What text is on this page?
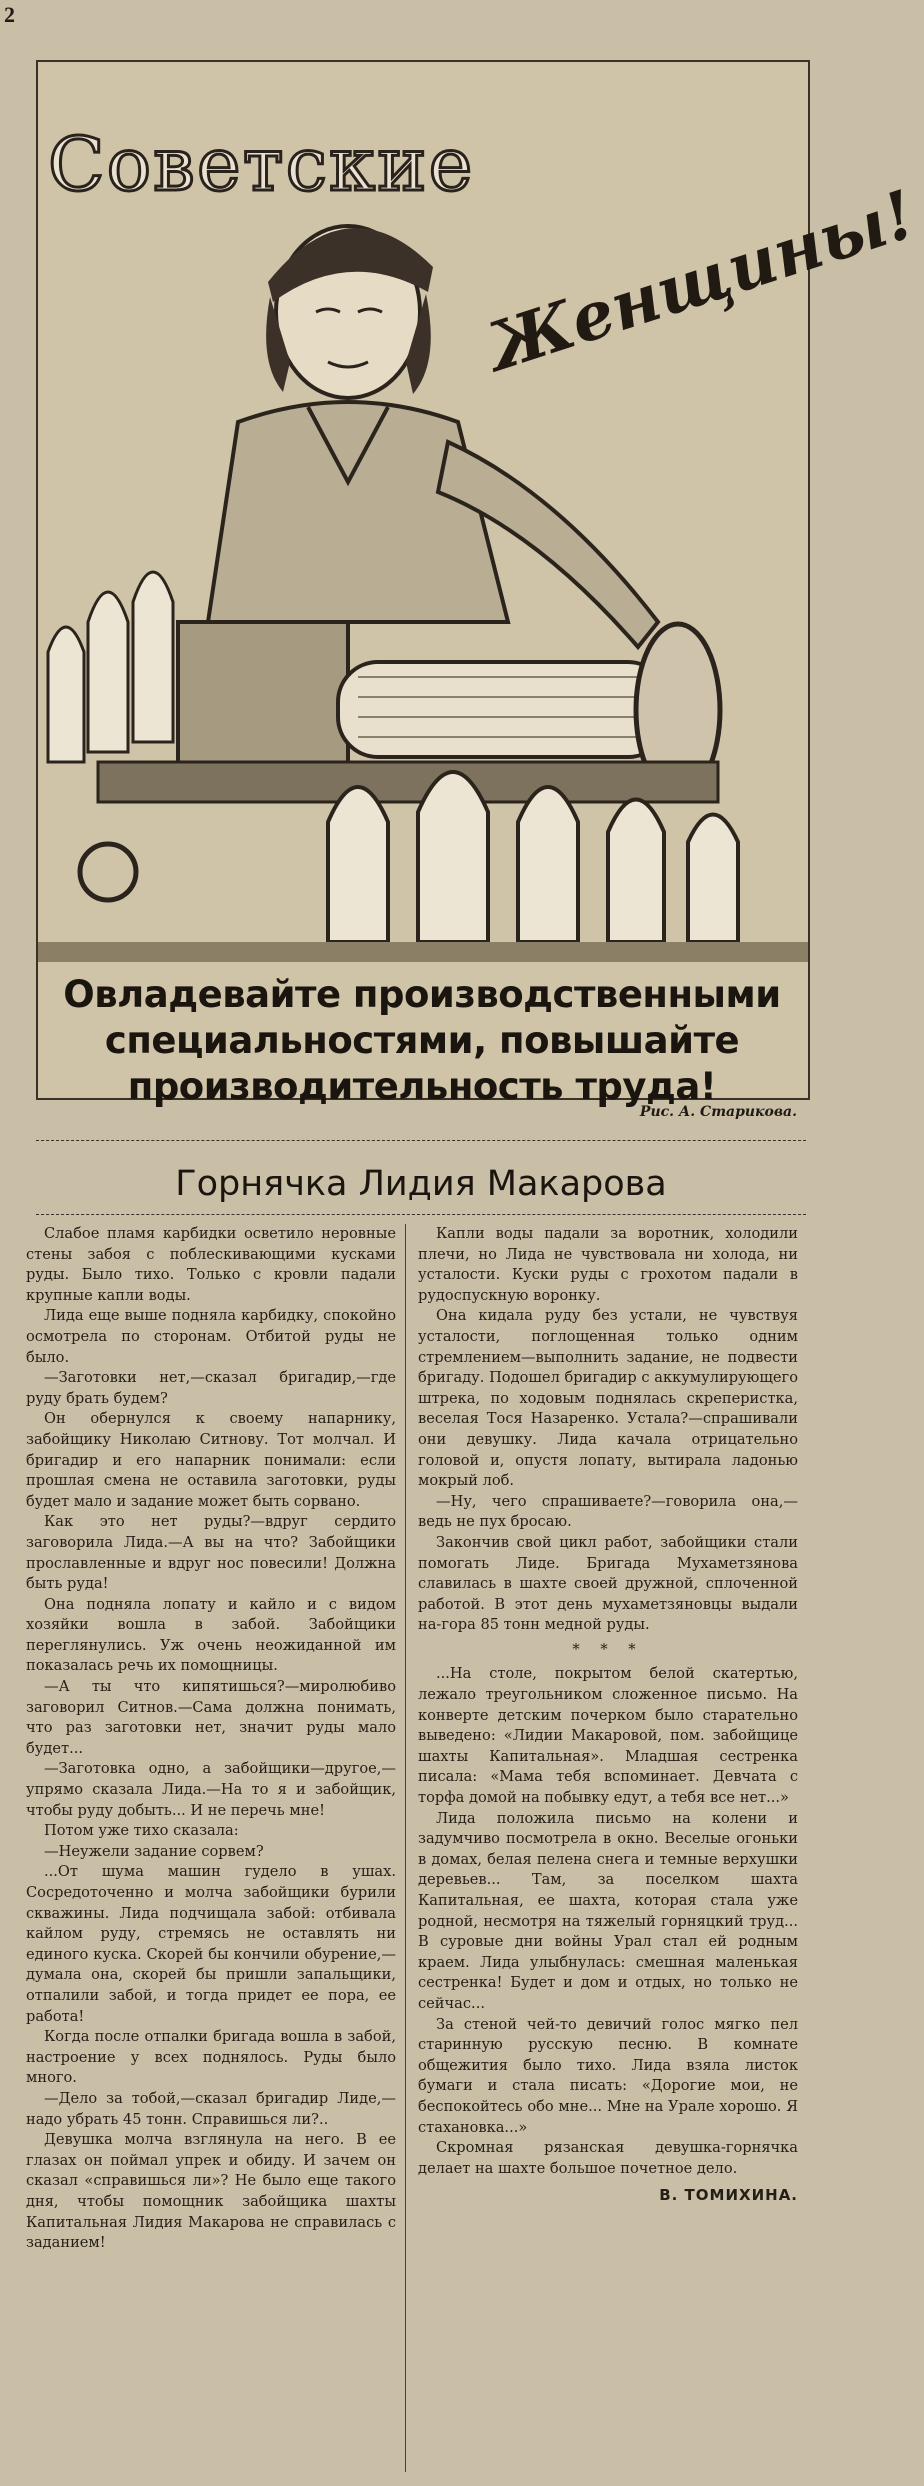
2
Советские
Женщины!
Овладевайте производственными специальностями, повышайте производительность труда!
Рис. А. Старикова.
Горнячка Лидия Макарова

Слабое пламя карбидки осветило неровные стены забоя с поблескивающими кусками руды. Было тихо. Только с кровли падали крупные капли воды.

Лида еще выше подняла карбидку, спокойно осмотрела по сторонам. Отбитой руды не было.

—Заготовки нет,—сказал бригадир,—где руду брать будем?

Он обернулся к своему напарнику, забойщику Николаю Ситнову. Тот молчал. И бригадир и его напарник понимали: если прошлая смена не оставила заготовки, руды будет мало и задание может быть сорвано.

Как это нет руды?—вдруг сердито заговорила Лида.—А вы на что? Забойщики прославленные и вдруг нос повесили! Должна быть руда!

Она подняла лопату и кайло и с видом хозяйки вошла в забой. Забойщики переглянулись. Уж очень неожиданной им показалась речь их помощницы.

—А ты что кипятишься?—миролюбиво заговорил Ситнов.—Сама должна понимать, что раз заготовки нет, значит руды мало будет...

—Заготовка одно, а забойщики—другое,—упрямо сказала Лида.—На то я и забойщик, чтобы руду добыть... И не перечь мне!

Потом уже тихо сказала:

—Неужели задание сорвем?

...От шума машин гудело в ушах. Сосредоточенно и молча забойщики бурили скважины. Лида подчищала забой: отбивала кайлом руду, стремясь не оставлять ни единого куска. Скорей бы кончили обурение,—думала она, скорей бы пришли запальщики, отпалили забой, и тогда придет ее пора, ее работа!

Когда после отпалки бригада вошла в забой, настроение у всех поднялось. Руды было много.

—Дело за тобой,—сказал бригадир Лиде,—надо убрать 45 тонн. Справишься ли?..

Девушка молча взглянула на него. В ее глазах он поймал упрек и обиду. И зачем он сказал «справишься ли»? Не было еще такого дня, чтобы помощник забойщика шахты Капитальная Лидия Макарова не справилась с заданием!

Капли воды падали за воротник, холодили плечи, но Лида не чувствовала ни холода, ни усталости. Куски руды с грохотом падали в рудоспускную воронку.

Она кидала руду без устали, не чувствуя усталости, поглощенная только одним стремлением—выполнить задание, не подвести бригаду. Подошел бригадир с аккумулирующего штрека, по ходовым поднялась скреперистка, веселая Тося Назаренко. Устала?—спрашивали они девушку. Лида качала отрицательно головой и, опустя лопату, вытирала ладонью мокрый лоб.

—Ну, чего спрашиваете?—говорила она,—ведь не пух бросаю.

Закончив свой цикл работ, забойщики стали помогать Лиде. Бригада Мухаметзянова славилась в шахте своей дружной, сплоченной работой. В этот день мухаметзяновцы выдали на-гора 85 тонн медной руды.

* * *

...На столе, покрытом белой скатертью, лежало треугольником сложенное письмо. На конверте детским почерком было старательно выведено: «Лидии Макаровой, пом. забойщице шахты Капитальная». Младшая сестренка писала: «Мама тебя вспоминает. Девчата с торфа домой на побывку едут, а тебя все нет...»

Лида положила письмо на колени и задумчиво посмотрела в окно. Веселые огоньки в домах, белая пелена снега и темные верхушки деревьев... Там, за поселком шахта Капитальная, ее шахта, которая стала уже родной, несмотря на тяжелый горняцкий труд... В суровые дни войны Урал стал ей родным краем. Лида улыбнулась: смешная маленькая сестренка! Будет и дом и отдых, но только не сейчас...

За стеной чей-то девичий голос мягко пел старинную русскую песню. В комнате общежития было тихо. Лида взяла листок бумаги и стала писать: «Дорогие мои, не беспокойтесь обо мне... Мне на Урале хорошо. Я стахановка...»

Скромная рязанская девушка-горнячка делает на шахте большое почетное дело.

В. ТОМИХИНА.
